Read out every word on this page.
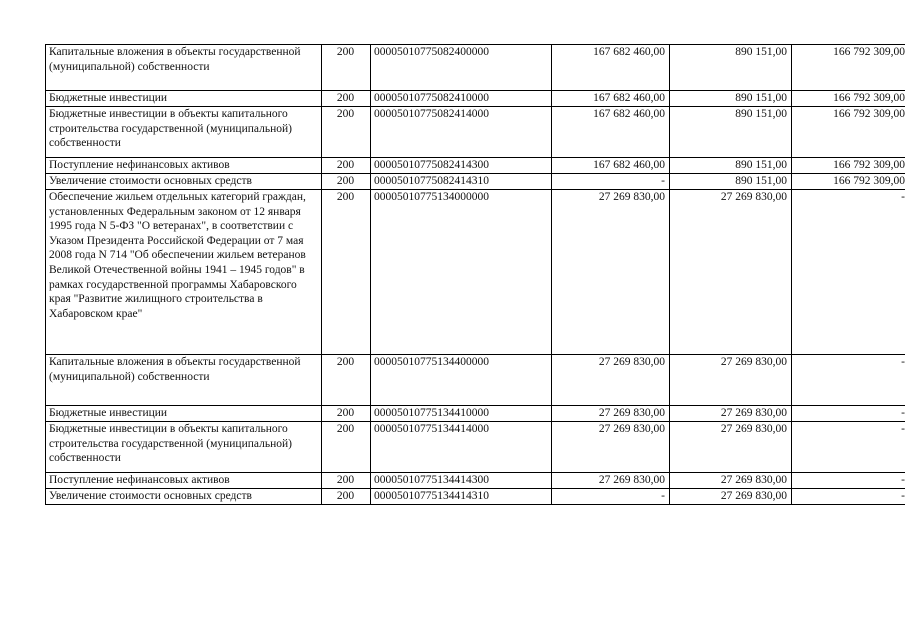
Капитальные вложения в объекты государственной (муниципальной) собственности	200	00005010775082400000	167 682 460,00	890 151,00	166 792 309,00
Бюджетные инвестиции	200	00005010775082410000	167 682 460,00	890 151,00	166 792 309,00
Бюджетные инвестиции в объекты капитального строительства государственной (муниципальной) собственности	200	00005010775082414000	167 682 460,00	890 151,00	166 792 309,00
Поступление нефинансовых активов	200	00005010775082414300	167 682 460,00	890 151,00	166 792 309,00
Увеличение стоимости основных средств	200	00005010775082414310	-	890 151,00	166 792 309,00
Обеспечение жильем отдельных категорий граждан, установленных Федеральным законом от 12 января 1995 года N 5-ФЗ "О ветеранах", в соответствии с Указом Президента Российской Федерации от 7 мая 2008 года N 714 "Об обеспечении жильем ветеранов Великой Отечественной войны 1941 – 1945 годов" в рамках государственной программы Хабаровского края "Развитие жилищного строительства в Хабаровском крае"	200	00005010775134000000	27 269 830,00	27 269 830,00	-
Капитальные вложения в объекты государственной (муниципальной) собственности	200	00005010775134400000	27 269 830,00	27 269 830,00	-
Бюджетные инвестиции	200	00005010775134410000	27 269 830,00	27 269 830,00	-
Бюджетные инвестиции в объекты капитального строительства государственной (муниципальной) собственности	200	00005010775134414000	27 269 830,00	27 269 830,00	-
Поступление нефинансовых активов	200	00005010775134414300	27 269 830,00	27 269 830,00	-
Увеличение стоимости основных средств	200	00005010775134414310	-	27 269 830,00	-
